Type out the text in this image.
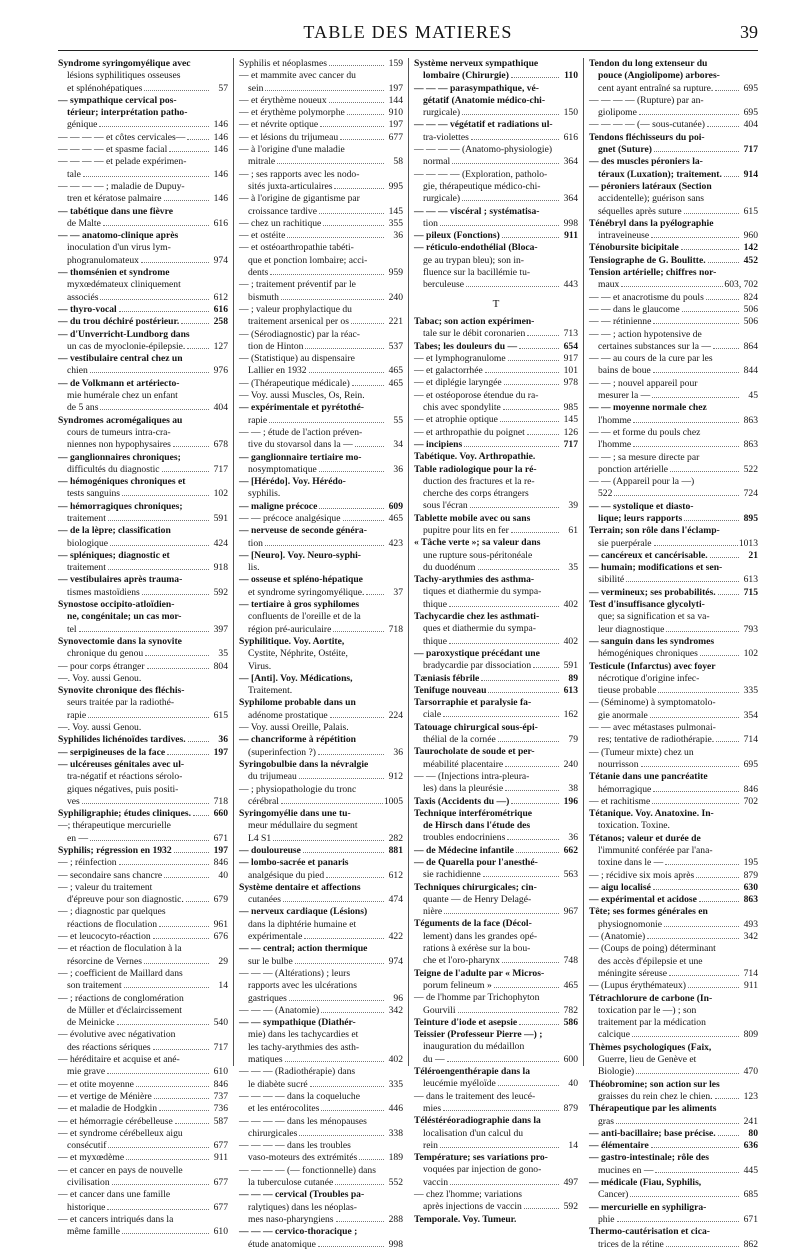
TABLE DES MATIERES	39
Syndrome syringomyélique avec
lésions syphilitiques osseuses
et splénohépatiques	57
— sympathique cervical pos-
térieur; interprétation patho-
génique	146
— — — — et côtes cervicales—	146
— — — — et spasme facial	146
— — — — et pelade expérimen-
tale	146
— — — — ; maladie de Dupuy-
tren et kératose palmaire	146
— tabétique dans une fièvre
de Malte	616
— — anatomo-clinique après
inoculation d'un virus lym-
phogranulomateux	974
— thomsénien et syndrome
myxœdémateux cliniquement
associés	612
— thyro-vocal	616
— du trou déchiré postérieur.	258
— d'Unverricht-Lundborg dans
un cas de myoclonie-épilepsie.	127
— vestibulaire central chez un
chien	976
— de Volkmann et artériecto-
mie humérale chez un enfant
de 5 ans	404
Syndromes acromégaliques au
cours de tumeurs intra-cra-
niennes non hypophysaires	678
— ganglionnaires chroniques;
difficultés du diagnostic	717
— hémogéniques chroniques et
tests sanguins	102
— hémorragiques chroniques;
traitement	591
— de la lèpre; classification
biologique	424
— spléniques; diagnostic et
traitement	918
— vestibulaires après trauma-
tismes mastoïdiens	592
Synostose occipito-atloïdien-
ne, congénitale; un cas mor-
tel	397
Synovectomie dans la synovite
chronique du genou	35
— pour corps étranger	804
—. Voy. aussi Genou.
Synovite chronique des fléchis-
seurs traitée par la radiothé-
rapie	615
—. Voy. aussi Genou.
Syphilides lichénoïdes tardives.	36
— serpigineuses de la face	197
— ulcéreuses génitales avec ul-
tra-négatif et réactions sérolo-
giques négatives, puis positi-
ves	718
Syphiligraphie; études cliniques.	660
—; thérapeutique mercurielle
en —	671
Syphilis; régression en 1932	197
— ; réinfection	846
— secondaire sans chancre	40
— ; valeur du traitement
d'épreuve pour son diagnostic.	679
— ; diagnostic par quelques
réactions de floculation	961
— et leucocyto-réaction	676
— et réaction de floculation à la
résorcine de Vernes	29
— ; coefficient de Maillard dans
son traitement	14
— ; réactions de conglomération
de Müller et d'éclaircissement
de Meinicke	540
— évolutive avec négativation
des réactions sériques	717
— héréditaire et acquise et ané-
mie grave	610
— et otite moyenne	846
— et vertige de Ménière	737
— et maladie de Hodgkin	736
— et hémorragie cérébelleuse	587
— et syndrome cérébelleux aigu
consécutif	677
— et myxœdème	911
— et cancer en pays de nouvelle
civilisation	677
— et cancer dans une famille
historique	677
— et cancers intriqués dans la
même famille	610
Syphilis et néoplasmes	159
— et mammite avec cancer du
sein	197
— et érythème noueux	144
— et érythème polymorphe	910
— et névrite optique	197
— et lésions du trijumeau	677
— à l'origine d'une maladie
mitrale	58
— ; ses rapports avec les nodo-
sités juxta-articulaires	995
— à l'origine de gigantisme par
croissance tardive	145
— chez un rachitique	355
— et ostéite	36
— et ostéoarthropathie tabéti-
que et ponction lombaire; acci-
dents	959
— ; traitement préventif par le
bismuth	240
— ; valeur prophylactique du
traitement arsenical per os	221
— (Sérodiagnostic) par la réac-
tion de Hinton	537
— (Statistique) au dispensaire
Lallier en 1932	465
— (Thérapeutique médicale)	465
— Voy. aussi Muscles, Os, Rein.
— expérimentale et pyrétothé-
rapie	55
— — ; étude de l'action préven-
tive du stovarsol dans la —	34
— ganglionnaire tertiaire mo-
nosymptomatique	36
— [Hérédo]. Voy. Hérédo-
syphilis.
— maligne précoce	609
— — précoce analgésique	465
— nerveuse de seconde généra-
tion	423
— [Neuro]. Voy. Neuro-syphi-
lis.
— osseuse et spléno-hépatique
et syndrome syringomyélique.	37
— tertiaire à gros syphilomes
confluents de l'oreille et de la
région pré-auriculaire	718
Syphilitique. Voy. Aortite,
Cystite, Néphrite, Ostéite,
Virus.
— [Anti]. Voy. Médications,
Traitement.
Syphilome probable dans un
adénome prostatique	224
— Voy. aussi Oreille, Palais.
— chancriforme à répétition
(superinfection ?)	36
Syringobulbie dans la névralgie
du trijumeau	912
— ; physiopathologie du tronc
cérébral	1005
Syringomyélie dans une tu-
meur médullaire du segment
L4 S1	282
— douloureuse	881
— lombo-sacrée et panaris
analgésique du pied	612
Système dentaire et affections
cutanées	474
— nerveux cardiaque (Lésions)
dans la diphtérie humaine et
expérimentale	422
— — central; action thermique
sur le bulbe	974
— — — (Altérations) ; leurs
rapports avec les ulcérations
gastriques	96
— — — (Anatomie)	342
— — sympathique (Diathér-
mie) dans les tachycardies et
les tachy-arythmies des asth-
matiques	402
— — — (Radiothérapie) dans
le diabète sucré	335
— — — — dans la coqueluche
et les entérocolites	446
— — — — dans les ménopauses
chirurgicales	338
— — — — dans les troubles
vaso-moteurs des extrémités	189
— — — — (— fonctionnelle) dans
la tuberculose cutanée	552
— — — cervical (Troubles pa-
ralytiques) dans les néoplas-
mes naso-pharyngiens	288
— — — cervico-thoracique ;
étude anatomique	998
Système nerveux sympathique
lombaire (Chirurgie)	110
— — — parasympathique, vé-
gétatif (Anatomie médico-chi-
rurgicale)	150
— — — végétatif et radiations ul-
tra-violettes	616
— — — — (Anatomo-physiologie)
normal	364
— — — — (Exploration, patholo-
gie, thérapeutique médico-chi-
rurgicale)	364
— — — viscéral ; systématisa-
tion	998
— pileux (Fonctions)	911
— réticulo-endothélial (Bloca-
ge au trypan bleu); son in-
fluence sur la bacillémie tu-
berculeuse	443
T
Tabac; son action expérimen-
tale sur le débit coronarien	713
Tabes; les douleurs du —	654
— et lymphogranulome	917
— et galactorrhée	101
— et diplégie laryngée	978
— et ostéoporose étendue du ra-
chis avec spondylite	985
— et atrophie optique	145
— et arthropathie du poignet	126
— incipiens	717
Tabétique. Voy. Arthropathie.
Table radiologique pour la ré-
duction des fractures et la re-
cherche des corps étrangers
sous l'écran	39
Tablette mobile avec ou sans
pupitre pour lits en fer	61
« Tâche verte »; sa valeur dans
une rupture sous-péritonéale
du duodénum	35
Tachy-arythmies des asthma-
tiques et diathermie du sympa-
thique	402
Tachycardie chez les asthmati-
ques et diathermie du sympa-
thique	402
— paroxystique précédant une
bradycardie par dissociation	591
Tæniasis fébrile	89
Tenifuge nouveau	613
Tarsorraphie et paralysie fa-
ciale	162
Tatouage chirurgical sous-épi-
thélial de la cornée	79
Taurocholate de soude et per-
méabilité placentaire	240
— — (Injections intra-pleura-
les) dans la pleurésie	38
Taxis (Accidents du —)	196
Technique interférométrique
de Hirsch dans l'étude des
troubles endocriniens	36
— de Médecine infantile	662
— de Quarella pour l'anesthé-
sie rachidienne	563
Techniques chirurgicales; cin-
quante — de Henry Delagé-
nière	967
Téguments de la face (Décol-
lement) dans les grandes opé-
rations à exérèse sur la bou-
che et l'oro-pharynx	748
Teigne de l'adulte par « Micros-
porum felineum »	465
— de l'homme par Trichophyton
Gourvili	782
Teinture d'iode et asepsie	586
Teissier (Professeur Pierre —) ;
inauguration du médaillon
du —	600
Téléroengenthérapie dans la
leucémie myéloïde	40
— dans le traitement des leucé-
mies	879
Téléstéréoradiographie dans la
localisation d'un calcul du
rein	14
Température; ses variations pro-
voquées par injection de gono-
vaccin	497
— chez l'homme; variations
après injections de vaccin	592
Temporale. Voy. Tumeur.
Tendon du long extenseur du
pouce (Angiolipome) arbores-
cent ayant entraîné sa rupture.	695
— — — — (Rupture) par an-
giolipome	695
— — — — (— sous-cutanée)	404
Tendons fléchisseurs du poi-
gnet (Suture)	717
— des muscles péroniers la-
téraux (Luxation); traitement.	914
— péroniers latéraux (Section
accidentelle); guérison sans
séquelles après suture	615
Ténébryl dans la pyélographie
intraveineuse	960
Ténobursite bicipitale	142
Tensiographe de G. Boulitte.	452
Tension artérielle; chiffres nor-
maux	603, 702
— — et anacrotisme du pouls	824
— — dans le glaucome	506
— — rétinienne	506
— — ; action hypotensive de
certaines substances sur la —	864
— — au cours de la cure par les
bains de boue	844
— — ; nouvel appareil pour
mesurer la —	45
— — moyenne normale chez
l'homme	863
— — et forme du pouls chez
l'homme	863
— — ; sa mesure directe par
ponction artérielle	522
— — (Appareil pour la —)
522	724
— — systolique et diasto-
lique; leurs rapports	895
Terrain; son rôle dans l'éclamp-
sie puerpérale	1013
— cancéreux et cancérisable.	21
— humain; modifications et sen-
sibilité	613
— vermineux; ses probabilités.	715
Test d'insuffisance glycolyti-
que; sa signification et sa va-
leur diagnostique	793
— sanguin dans les syndromes
hémogéniques chroniques	102
Testicule (Infarctus) avec foyer
nécrotique d'origine infec-
tieuse probable	335
— (Séminome) à symptomatolo-
gie anormale	354
— — avec métastases pulmonai-
res; tentative de radiothérapie.	714
— (Tumeur mixte) chez un
nourrisson	695
Tétanie dans une pancréatite
hémorragique	846
— et rachitisme	702
Tétanique. Voy. Anatoxine. In-
toxication. Toxine.
Tétanos; valeur et durée de
l'immunité conférée par l'ana-
toxine dans le —	195
— ; récidive six mois après	879
— aigu localisé	630
— expérimental et acidose	863
Tête; ses formes générales en
physiognomonie	493
— (Anatomie)	342
— (Coups de poing) déterminant
des accès d'épilepsie et une
méningite séreuse	714
— (Lupus érythémateux)	911
Tétrachlorure de carbone (In-
toxication par le —) ; son
traitement par la médication
calcique	809
Thèmes psychologiques (Faix,
Guerre, lieu de Genève et
Biologie)	470
Théobromine; son action sur les
graisses du rein chez le chien.	123
Thérapeutique par les aliments
gras	241
— anti-bacillaire; base précise.	80
— élémentaire	636
— gastro-intestinale; rôle des
mucines en —	445
— médicale (Fiau, Syphilis,
Cancer)	685
— mercurielle en syphiligra-
phie	671
Thermo-cautérisation et cica-
trices de la rétine	862
